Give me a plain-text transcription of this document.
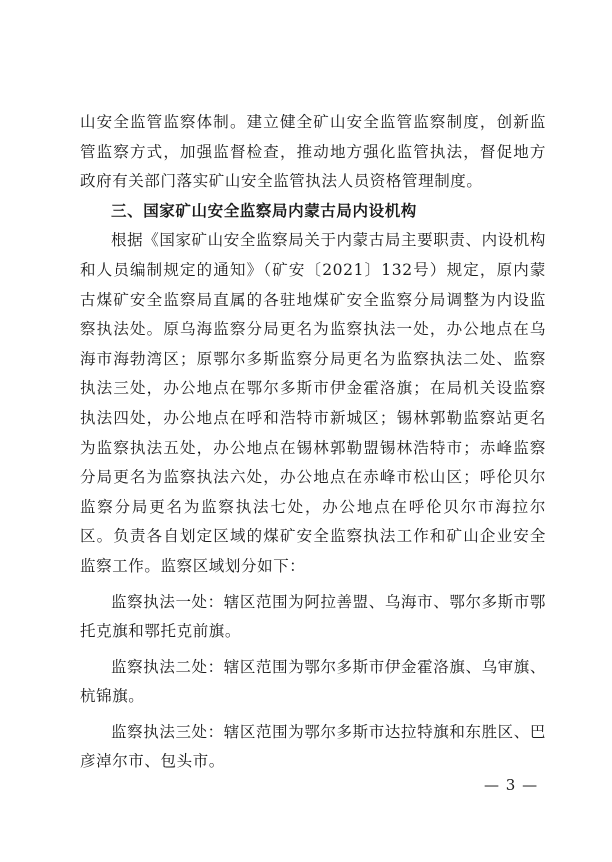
山安全监管监察体制。建立健全矿山安全监管监察制度，创新监管监察方式，加强监督检查，推动地方强化监管执法，督促地方政府有关部门落实矿山安全监管执法人员资格管理制度。

三、国家矿山安全监察局内蒙古局内设机构

根据《国家矿山安全监察局关于内蒙古局主要职责、内设机构和人员编制规定的通知》（矿安〔2021〕132号）规定，原内蒙古煤矿安全监察局直属的各驻地煤矿安全监察分局调整为内设监察执法处。原乌海监察分局更名为监察执法一处，办公地点在乌海市海勃湾区；原鄂尔多斯监察分局更名为监察执法二处、监察执法三处，办公地点在鄂尔多斯市伊金霍洛旗；在局机关设监察执法四处，办公地点在呼和浩特市新城区；锡林郭勒监察站更名为监察执法五处，办公地点在锡林郭勒盟锡林浩特市；赤峰监察分局更名为监察执法六处，办公地点在赤峰市松山区；呼伦贝尔监察分局更名为监察执法七处，办公地点在呼伦贝尔市海拉尔区。负责各自划定区域的煤矿安全监察执法工作和矿山企业安全监察工作。监察区域划分如下：

监察执法一处：辖区范围为阿拉善盟、乌海市、鄂尔多斯市鄂托克旗和鄂托克前旗。

监察执法二处：辖区范围为鄂尔多斯市伊金霍洛旗、乌审旗、杭锦旗。

监察执法三处：辖区范围为鄂尔多斯市达拉特旗和东胜区、巴彦淖尔市、包头市。

— 3 —
